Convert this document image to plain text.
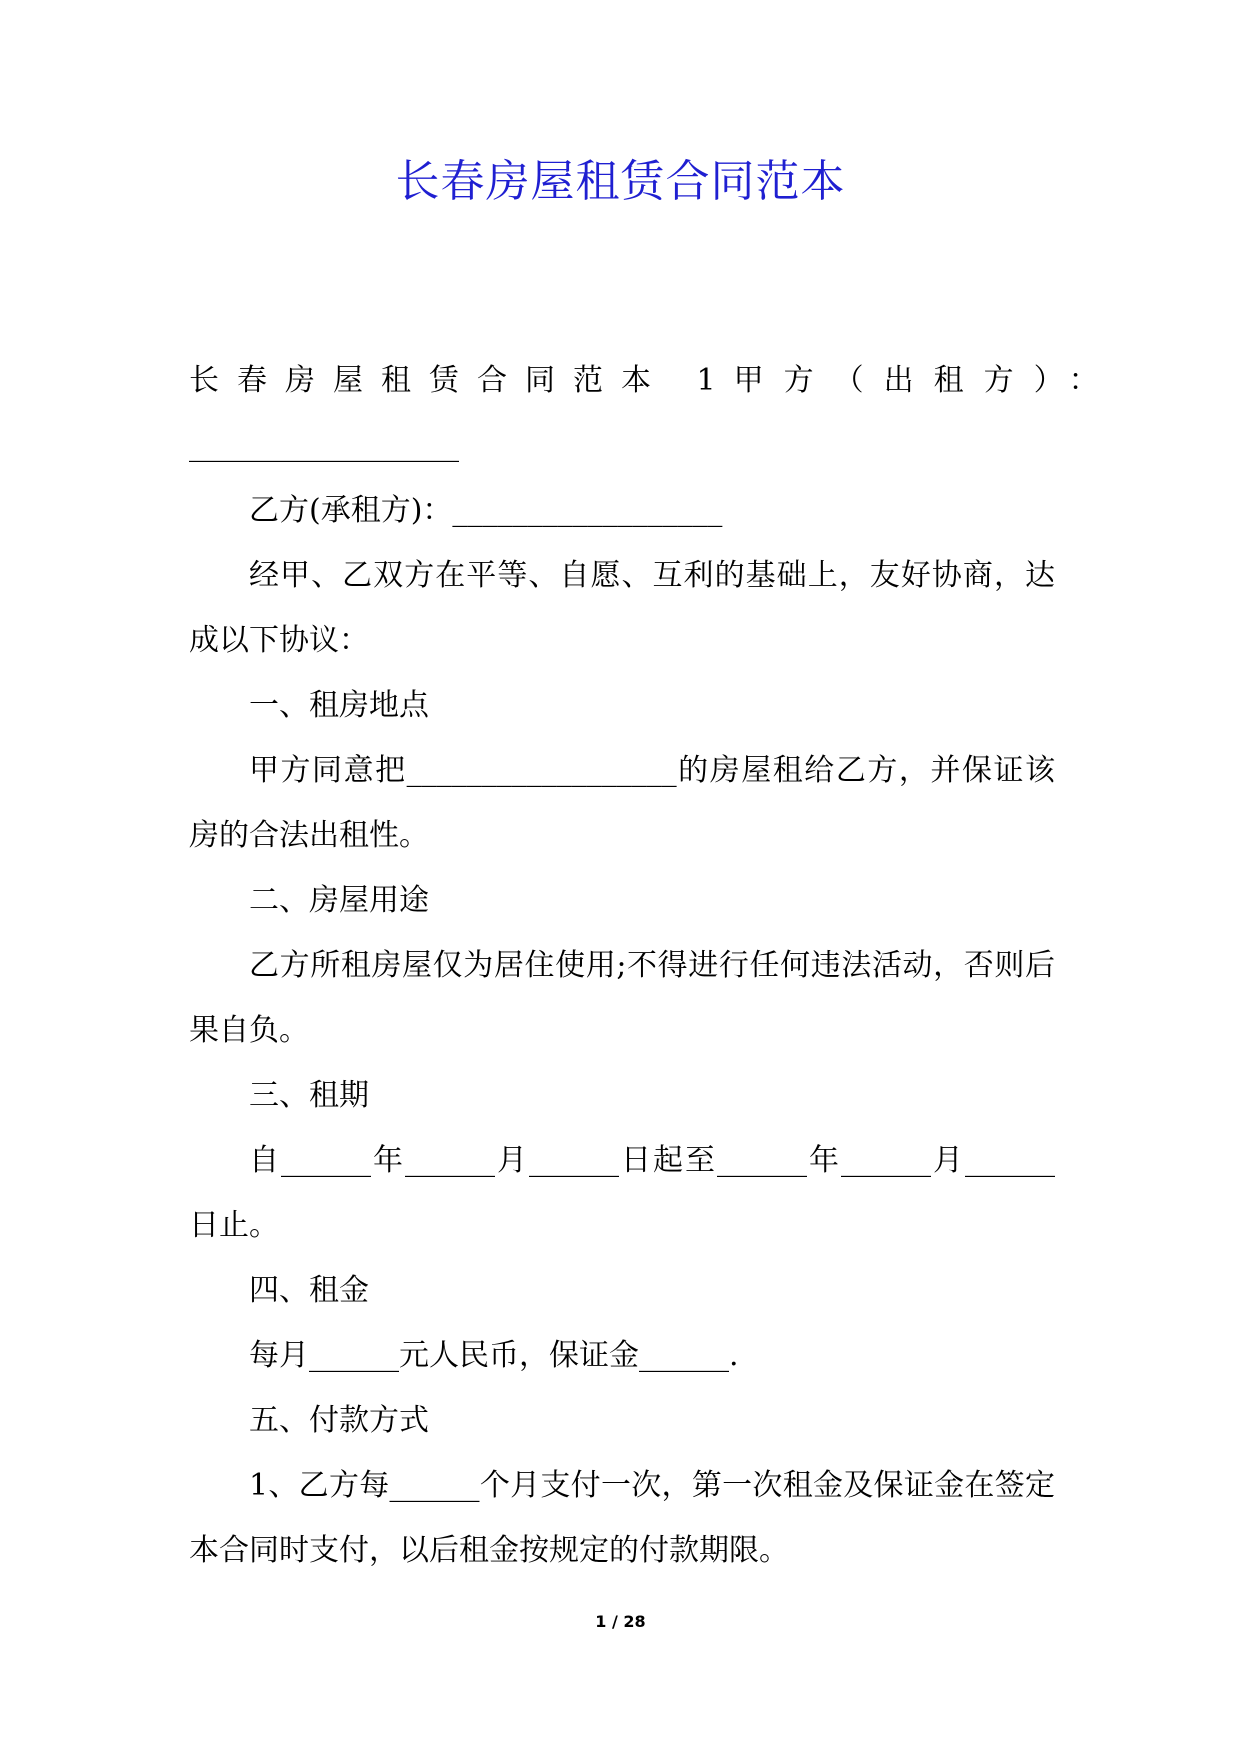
长春房屋租赁合同范本
长春房屋租赁合同范本 1 甲方（出租方）：
__________________

乙方(承租方)：__________________

经甲、乙双方在平等、自愿、互利的基础上，友好协商，达成以下协议：

一、租房地点

甲方同意把__________________的房屋租给乙方，并保证该房的合法出租性。

二、房屋用途

乙方所租房屋仅为居住使用;不得进行任何违法活动，否则后果自负。

三、租期

自______年______月______日起至______年______月______日止。

四、租金

每月______元人民币，保证金______.

五、付款方式

1、乙方每______个月支付一次，第一次租金及保证金在签定本合同时支付，以后租金按规定的付款期限。

1 / 28
